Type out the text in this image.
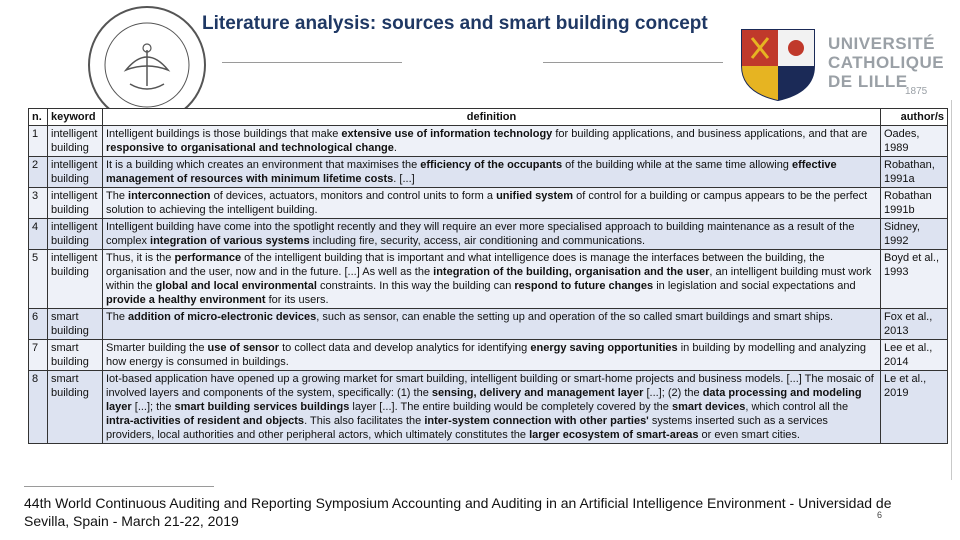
Literature analysis: sources and smart building concept
UNIVERSITÉ
CATHOLIQUE
DE LILLE
1875
n.	keyword	definition	author/s
1	intelligent building	Intelligent buildings is those buildings that make extensive use of information technology for building applications, and business applications, and that are responsive to organisational and technological change.	Oades, 1989
2	intelligent building	It is a building which creates an environment that maximises the efficiency of the occupants of the building while at the same time allowing effective management of resources with minimum lifetime costs. [...]	Robathan, 1991a
3	intelligent building	The interconnection of devices, actuators, monitors and control units to form a unified system of control for a building or campus appears to be the perfect solution to achieving the intelligent building.	Robathan 1991b
4	intelligent building	Intelligent building have come into the spotlight recently and they will require an ever more specialised approach to building maintenance as a result of the complex integration of various systems including fire, security, access, air conditioning and communications.	Sidney, 1992
5	intelligent building	Thus, it is the performance of the intelligent building that is important and what intelligence does is manage the interfaces between the building, the organisation and the user, now and in the future. [...] As well as the integration of the building, organisation and the user, an intelligent building must work within the global and local environmental constraints. In this way the building can respond to future changes in legislation and social expectations and provide a healthy environment for its users.	Boyd et al., 1993
6	smart building	The addition of micro-electronic devices, such as sensor, can enable the setting up and operation of the so called smart buildings and smart ships.	Fox et al., 2013
7	smart building	Smarter building the use of sensor to collect data and develop analytics for identifying energy saving opportunities in building by modelling and analyzing how energy is consumed in buildings.	Lee et al., 2014
8	smart building	Iot-based application have opened up a growing market for smart building, intelligent building or smart-home projects and business models. [...] The mosaic of involved layers and components of the system, specifically: (1) the sensing, delivery and management layer [...]; (2) the data processing and modeling layer [...]; the smart building services buildings layer [...]. The entire building would be completely covered by the smart devices, which control all the intra-activities of resident and objects. This also facilitates the inter-system connection with other parties' systems inserted such as a services providers, local authorities and other peripheral actors, which ultimately constitutes the larger ecosystem of smart-areas or even smart cities.	Le et al., 2019
44th World Continuous Auditing and Reporting Symposium Accounting and Auditing in an Artificial Intelligence Environment - Universidad de Sevilla, Spain - March 21-22, 2019	6
